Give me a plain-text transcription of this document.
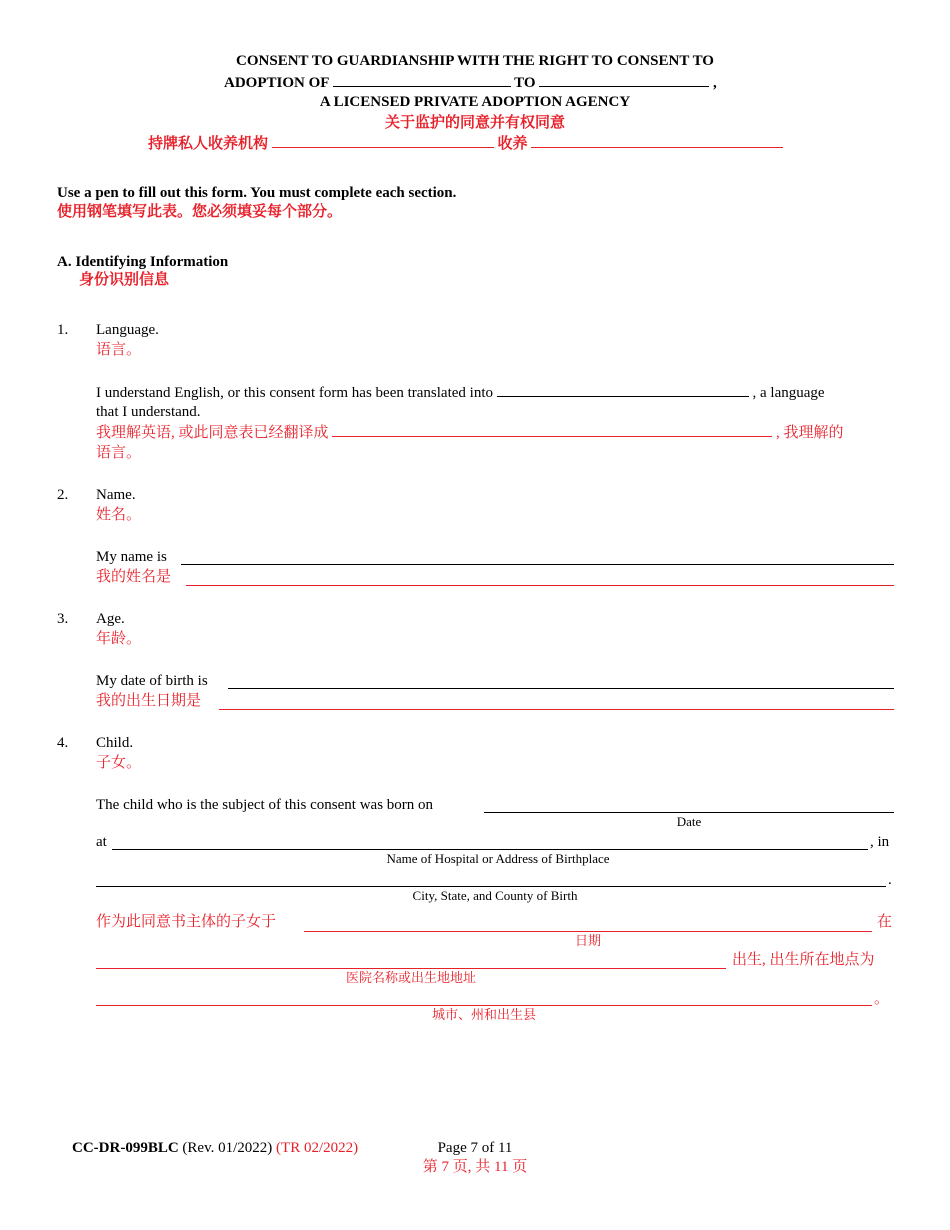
CONSENT TO GUARDIANSHIP WITH THE RIGHT TO CONSENT TO
ADOPTION OF	TO	,
A LICENSED PRIVATE ADOPTION AGENCY
关于监护的同意并有权同意
持牌私人收养机构	收养
Use a pen to fill out this form. You must complete each section.
使用钢笔填写此表。您必须填妥每个部分。
A. Identifying Information
身份识别信息
1. Language.
语言。
I understand English, or this consent form has been translated into	, a language
that I understand.
我理解英语, 或此同意表已经翻译成	, 我理解的
语言。
2. Name.
姓名。
My name is
我的姓名是
3. Age.
年龄。
My date of birth is
我的出生日期是
4. Child.
子女。
The child who is the subject of this consent was born on
Date
at	, in
Name of Hospital or Address of Birthplace
.
City, State, and County of Birth
作为此同意书主体的子女于	在
日期
出生, 出生所在地点为
医院名称或出生地地址
。
城市、州和出生县
CC-DR-099BLC (Rev. 01/2022) (TR 02/2022)	Page 7 of 11
第 7 页, 共 11 页
